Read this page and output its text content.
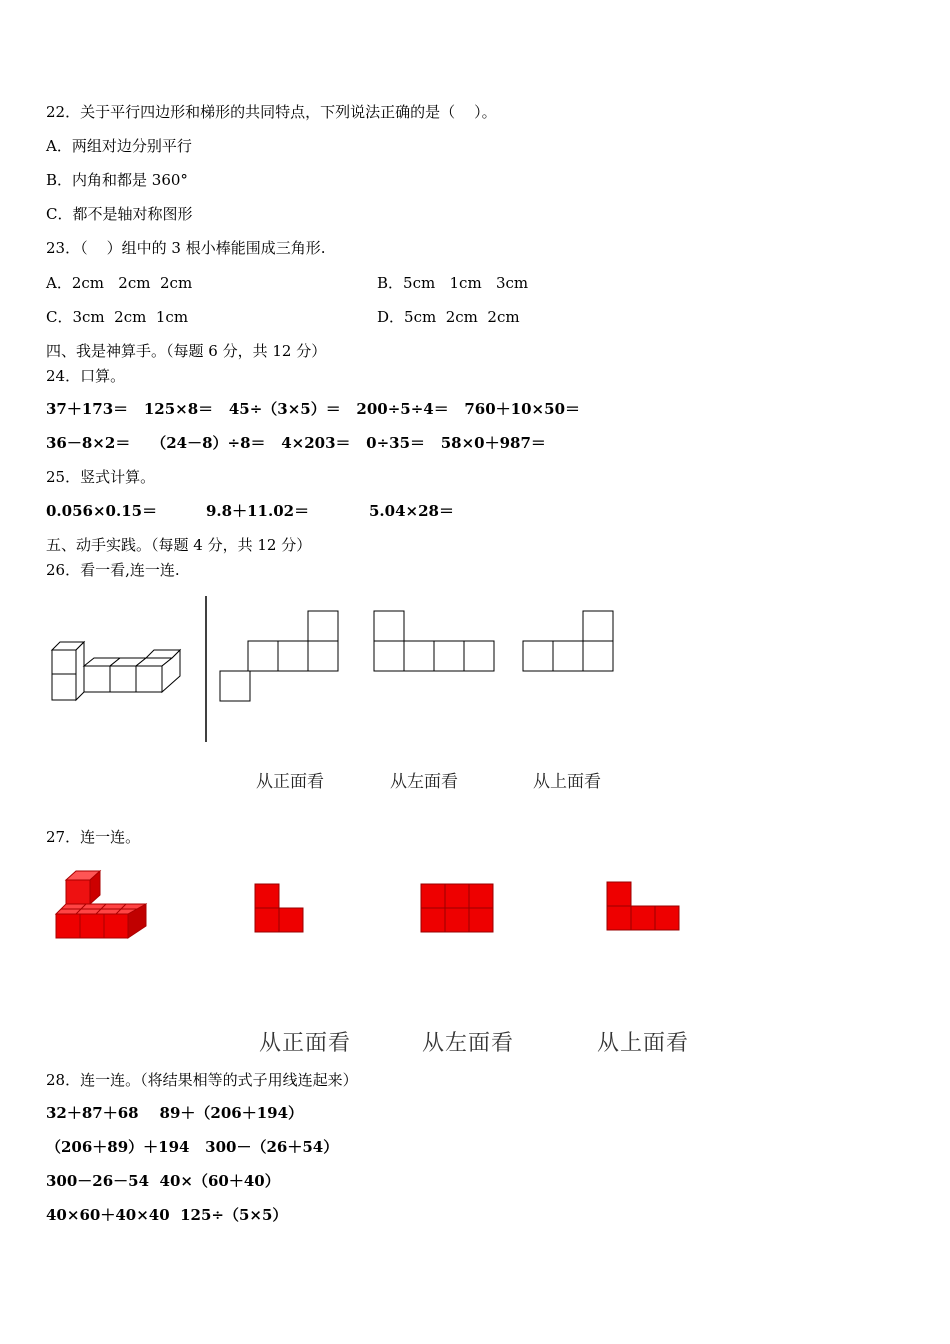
22．关于平行四边形和梯形的共同特点，下列说法正确的是（    ）。
A．两组对边分别平行
B．内角和都是 360°
C．都不是轴对称图形
23．（    ）组中的 3 根小棒能围成三角形.
A．2cm   2cm  2cm	B．5cm   1cm   3cm
C．3cm  2cm  1cm	D．5cm  2cm  2cm
四、我是神算手。（每题 6 分，共 12 分）
24．口算。
37＋173＝   125×8＝   45÷（3×5）＝   200÷5÷4＝   760＋10×50＝
36－8×2＝    （24－8）÷8＝   4×203＝   0÷35＝   58×0＋987＝
25．竖式计算。
0.056×0.15＝	9.8＋11.02＝	5.04×28＝
五、动手实践。（每题 4 分，共 12 分）
26．看一看,连一连.
从正面看	从左面看	从上面看
27．连一连。
从正面看	从左面看	从上面看
28．连一连。（将结果相等的式子用线连起来）
32＋87＋68    89＋（206＋194）
（206＋89）＋194   300－（26＋54）
300－26－54  40×（60＋40）
40×60＋40×40  125÷（5×5）
